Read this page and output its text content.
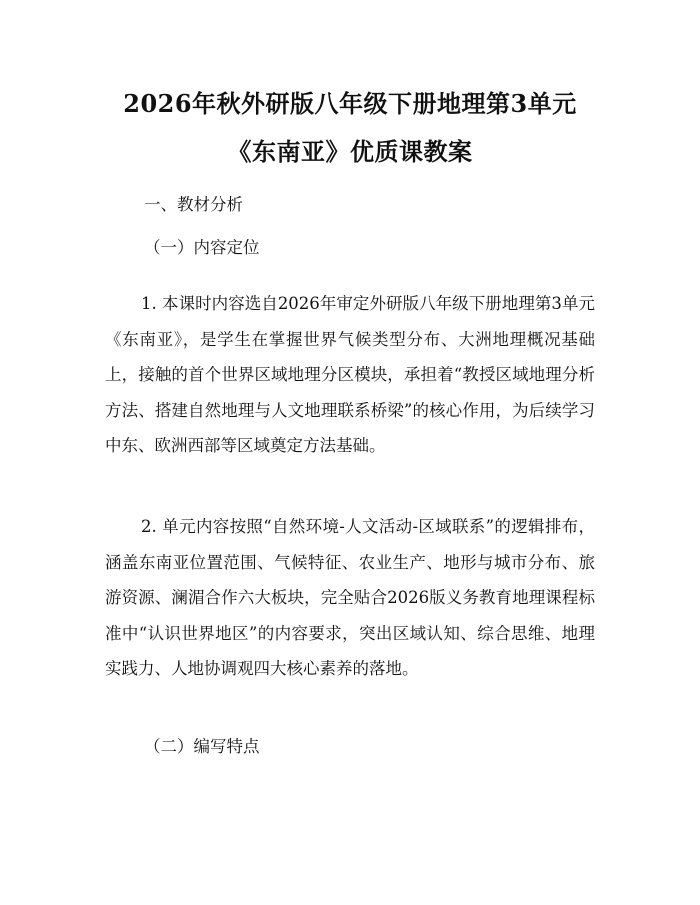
2026年秋外研版八年级下册地理第3单元
《东南亚》优质课教案
一、教材分析
（一）内容定位
1. 本课时内容选自2026年审定外研版八年级下册地理第3单元《东南亚》，是学生在掌握世界气候类型分布、大洲地理概况基础上，接触的首个世界区域地理分区模块，承担着“教授区域地理分析方法、搭建自然地理与人文地理联系桥梁”的核心作用，为后续学习中东、欧洲西部等区域奠定方法基础。
2. 单元内容按照“自然环境-人文活动-区域联系”的逻辑排布，涵盖东南亚位置范围、气候特征、农业生产、地形与城市分布、旅游资源、澜湄合作六大板块，完全贴合2026版义务教育地理课程标准中“认识世界地区”的内容要求，突出区域认知、综合思维、地理实践力、人地协调观四大核心素养的落地。
（二）编写特点
